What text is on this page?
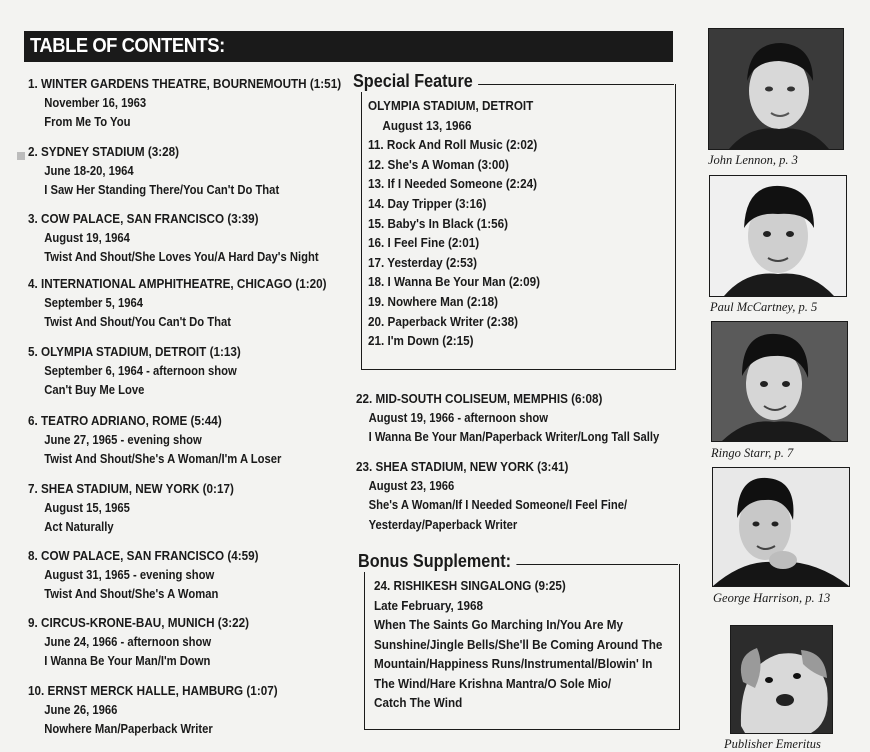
TABLE OF CONTENTS:
1. WINTER GARDENS THEATRE, BOURNEMOUTH (1:51)
November 16, 1963
From Me To You
2. SYDNEY STADIUM (3:28)
June 18-20, 1964
I Saw Her Standing There/You Can't Do That
3. COW PALACE, SAN FRANCISCO (3:39)
August 19, 1964
Twist And Shout/She Loves You/A Hard Day's Night
4. INTERNATIONAL AMPHITHEATRE, CHICAGO (1:20)
September 5, 1964
Twist And Shout/You Can't Do That
5. OLYMPIA STADIUM, DETROIT (1:13)
September 6, 1964 - afternoon show
Can't Buy Me Love
6. TEATRO ADRIANO, ROME (5:44)
June 27, 1965 - evening show
Twist And Shout/She's A Woman/I'm A Loser
7. SHEA STADIUM, NEW YORK (0:17)
August 15, 1965
Act Naturally
8. COW PALACE, SAN FRANCISCO (4:59)
August 31, 1965 - evening show
Twist And Shout/She's A Woman
9. CIRCUS-KRONE-BAU, MUNICH (3:22)
June 24, 1966 - afternoon show
I Wanna Be Your Man/I'm Down
10. ERNST MERCK HALLE, HAMBURG (1:07)
June 26, 1966
Nowhere Man/Paperback Writer
Special Feature
OLYMPIA STADIUM, DETROIT
August 13, 1966
11. Rock And Roll Music (2:02)
12. She's A Woman (3:00)
13. If I Needed Someone (2:24)
14. Day Tripper (3:16)
15. Baby's In Black (1:56)
16. I Feel Fine (2:01)
17. Yesterday (2:53)
18. I Wanna Be Your Man (2:09)
19. Nowhere Man (2:18)
20. Paperback Writer (2:38)
21. I'm Down (2:15)
22. MID-SOUTH COLISEUM, MEMPHIS (6:08)
August 19, 1966 - afternoon show
I Wanna Be Your Man/Paperback Writer/Long Tall Sally
23. SHEA STADIUM, NEW YORK (3:41)
August 23, 1966
She's A Woman/If I Needed Someone/I Feel Fine/
Yesterday/Paperback Writer
Bonus Supplement:
24. RISHIKESH SINGALONG (9:25)
Late February, 1968
When The Saints Go Marching In/You Are My
Sunshine/Jingle Bells/She'll Be Coming Around The
Mountain/Happiness Runs/Instrumental/Blowin' In
The Wind/Hare Krishna Mantra/O Sole Mio/
Catch The Wind
John Lennon, p. 3
Paul McCartney, p. 5
Ringo Starr, p. 7
George Harrison, p. 13
Publisher Emeritus
